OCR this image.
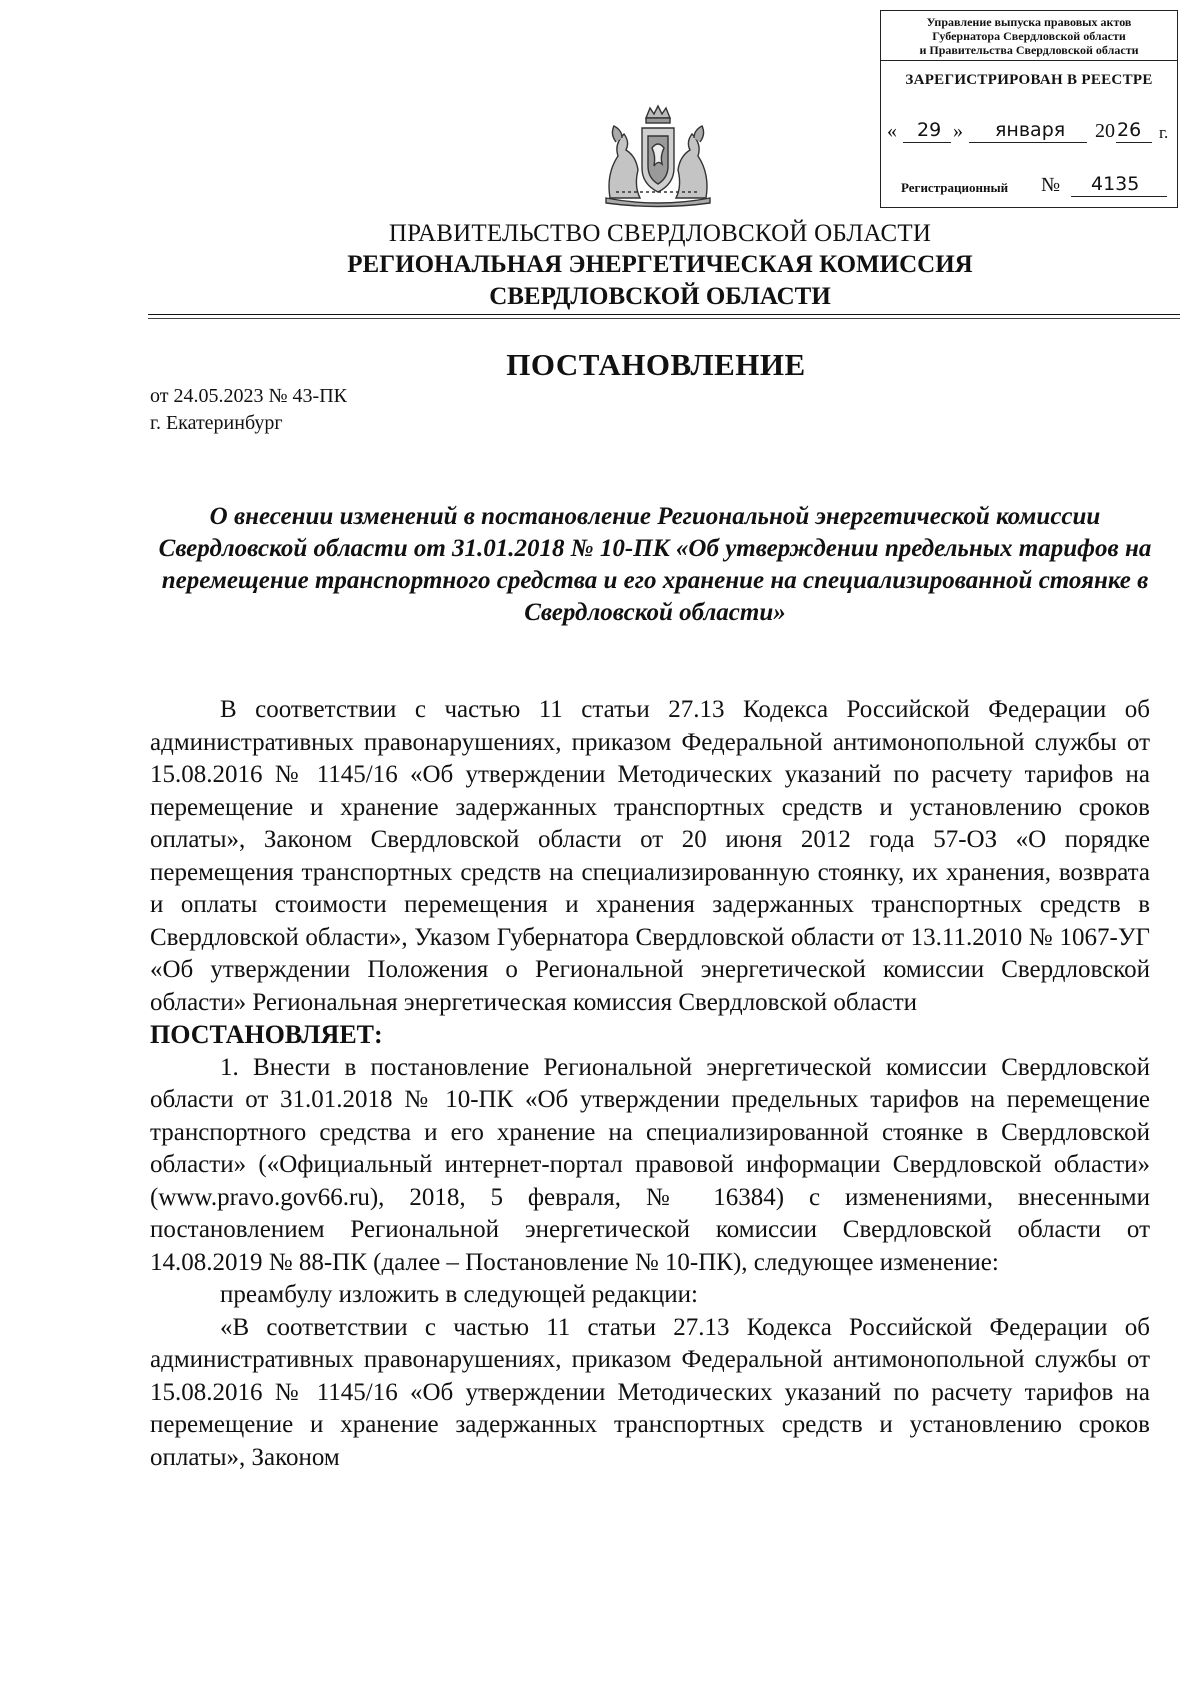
Управление выпуска правовых актов
Губернатора Свердловской области
и Правительства Свердловской области
ЗАРЕГИСТРИРОВАН В РЕЕСТРЕ
« 29 » января 20 26 г.
Регистрационный № 4135
ПРАВИТЕЛЬСТВО СВЕРДЛОВСКОЙ ОБЛАСТИ
РЕГИОНАЛЬНАЯ ЭНЕРГЕТИЧЕСКАЯ КОМИССИЯ
СВЕРДЛОВСКОЙ ОБЛАСТИ
ПОСТАНОВЛЕНИЕ
от 24.05.2023 № 43-ПК
г. Екатеринбург
О внесении изменений в постановление Региональной энергетической комиссии Свердловской области от 31.01.2018 № 10-ПК «Об утверждении предельных тарифов на перемещение транспортного средства и его хранение на специализированной стоянке в Свердловской области»

В соответствии с частью 11 статьи 27.13 Кодекса Российской Федерации об административных правонарушениях, приказом Федеральной антимонопольной службы от 15.08.2016 № 1145/16 «Об утверждении Методических указаний по расчету тарифов на перемещение и хранение задержанных транспортных средств и установлению сроков оплаты», Законом Свердловской области от 20 июня 2012 года 57-ОЗ «О порядке перемещения транспортных средств на специализированную стоянку, их хранения, возврата и оплаты стоимости перемещения и хранения задержанных транспортных средств в Свердловской области», Указом Губернатора Свердловской области от 13.11.2010 № 1067-УГ «Об утверждении Положения о Региональной энергетической комиссии Свердловской области» Региональная энергетическая комиссия Свердловской области

ПОСТАНОВЛЯЕТ:

1. Внести в постановление Региональной энергетической комиссии Свердловской области от 31.01.2018 № 10-ПК «Об утверждении предельных тарифов на перемещение транспортного средства и его хранение на специализированной стоянке в Свердловской области» («Официальный интернет-портал правовой информации Свердловской области» (www.pravo.gov66.ru), 2018, 5 февраля, № 16384) с изменениями, внесенными постановлением Региональной энергетической комиссии Свердловской области от 14.08.2019 № 88-ПК (далее – Постановление № 10-ПК), следующее изменение:

преамбулу изложить в следующей редакции:

«В соответствии с частью 11 статьи 27.13 Кодекса Российской Федерации об административных правонарушениях, приказом Федеральной антимонопольной службы от 15.08.2016 № 1145/16 «Об утверждении Методических указаний по расчету тарифов на перемещение и хранение задержанных транспортных средств и установлению сроков оплаты», Законом
